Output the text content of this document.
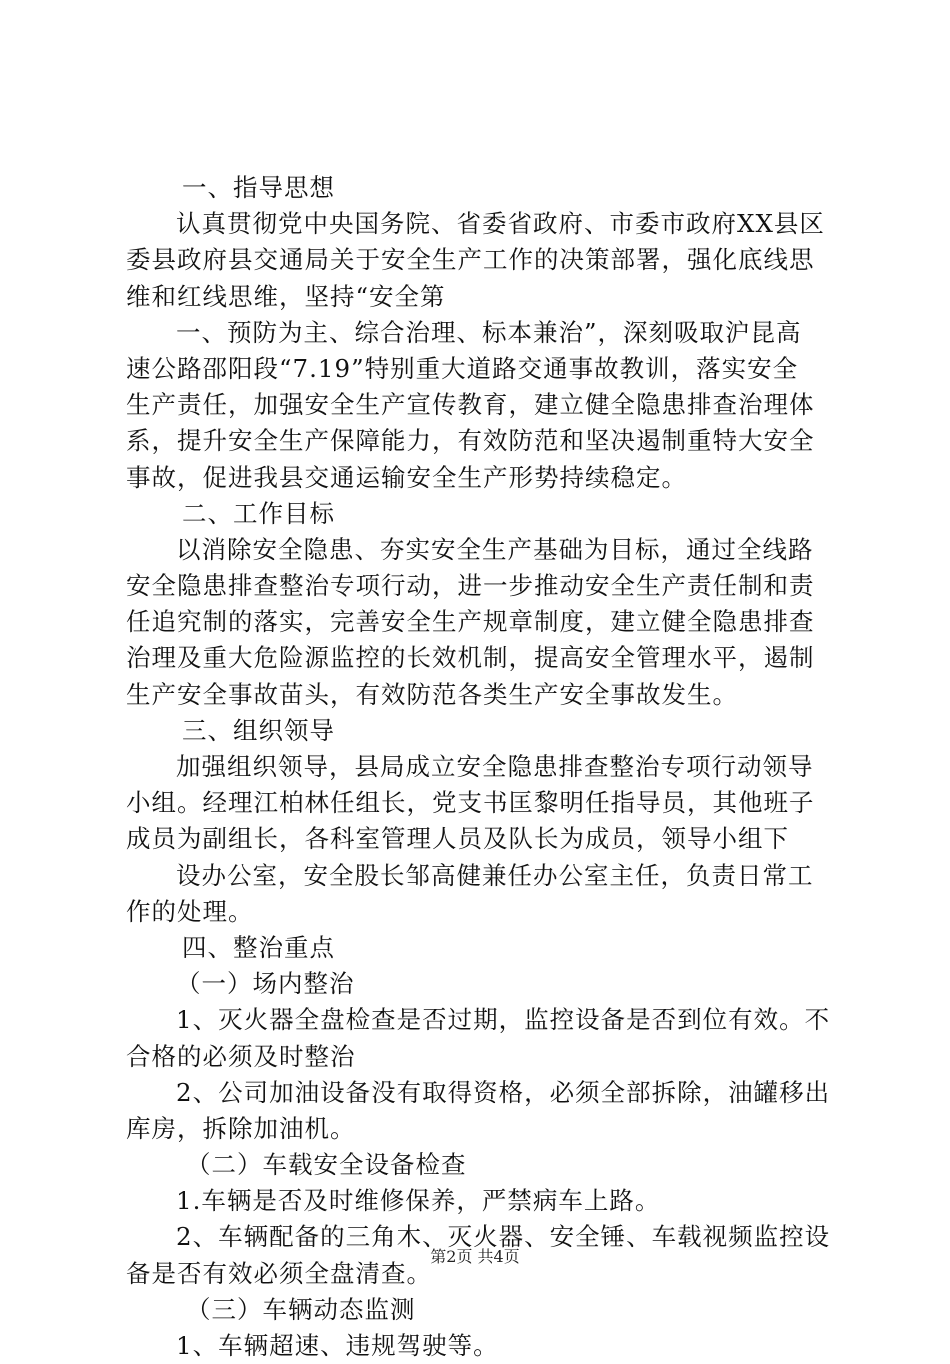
一、指导思想
认真贯彻党中央国务院、省委省政府、市委市政府XX县区
委县政府县交通局关于安全生产工作的决策部署，强化底线思
维和红线思维，坚持“安全第
一、预防为主、综合治理、标本兼治”，深刻吸取沪昆高
速公路邵阳段“7.19”特别重大道路交通事故教训，落实安全
生产责任，加强安全生产宣传教育，建立健全隐患排查治理体
系，提升安全生产保障能力，有效防范和坚决遏制重特大安全
事故，促进我县交通运输安全生产形势持续稳定。
二、工作目标
以消除安全隐患、夯实安全生产基础为目标，通过全线路
安全隐患排查整治专项行动，进一步推动安全生产责任制和责
任追究制的落实，完善安全生产规章制度，建立健全隐患排查
治理及重大危险源监控的长效机制，提高安全管理水平，遏制
生产安全事故苗头，有效防范各类生产安全事故发生。
三、组织领导
加强组织领导，县局成立安全隐患排查整治专项行动领导
小组。经理江柏林任组长，党支书匡黎明任指导员，其他班子
成员为副组长，各科室管理人员及队长为成员，领导小组下
设办公室，安全股长邹高健兼任办公室主任，负责日常工
作的处理。
四、整治重点
（一）场内整治
1、灭火器全盘检查是否过期，监控设备是否到位有效。不
合格的必须及时整治
2、公司加油设备没有取得资格，必须全部拆除，油罐移出
库房，拆除加油机。
（二）车载安全设备检查
1.车辆是否及时维修保养，严禁病车上路。
2、车辆配备的三角木、灭火器、安全锤、车载视频监控设
备是否有效必须全盘清查。
（三）车辆动态监测
1、车辆超速、违规驾驶等。
第2页 共4页
